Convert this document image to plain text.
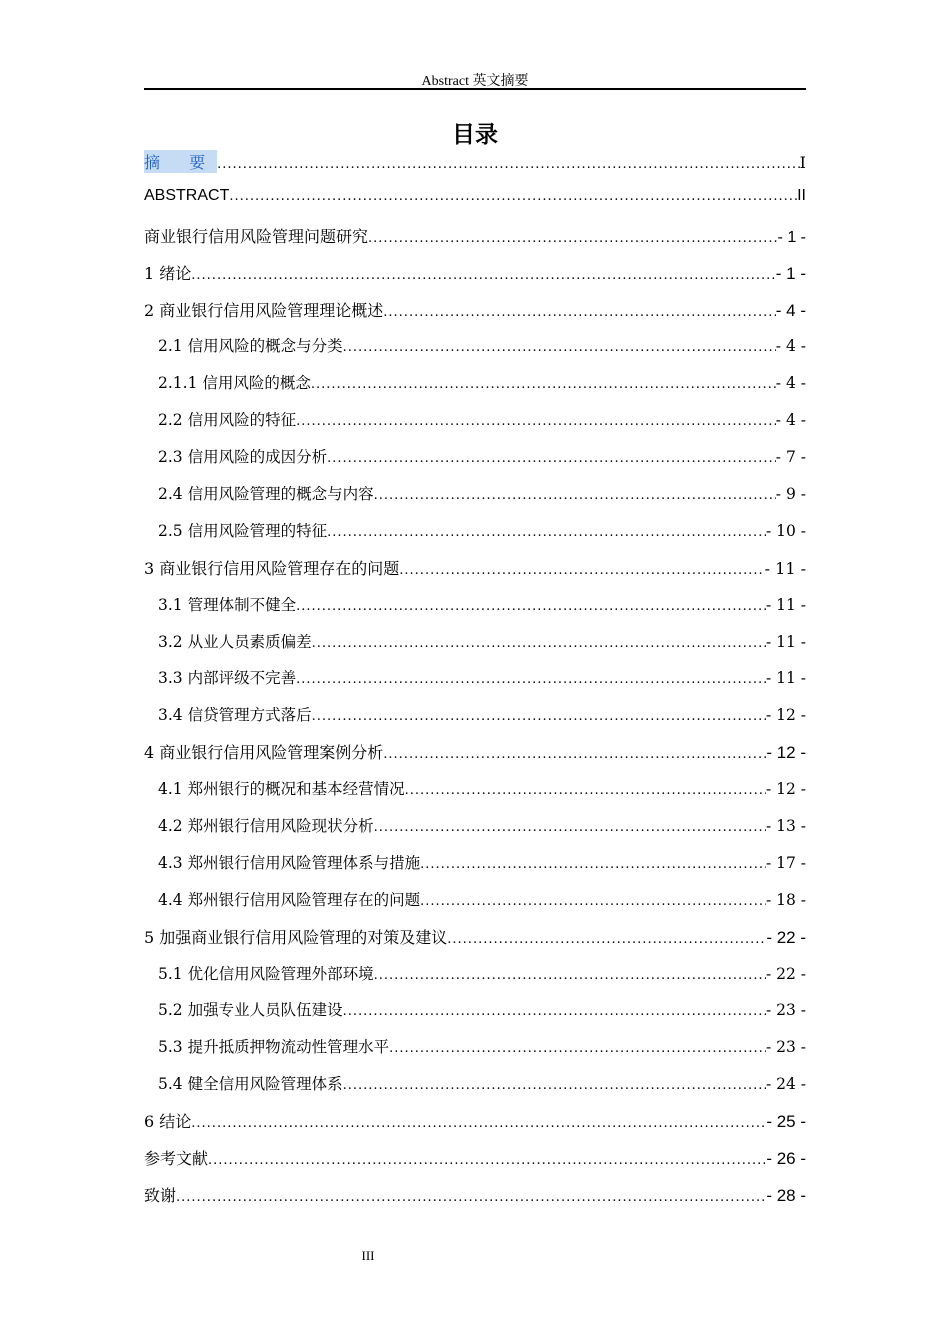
Abstract 英文摘要
目录
摘 要 .....	I
ABSTRACT .....	II
商业银行信用风险管理问题研究 .....	- 1 -
1 绪论 .....	- 1 -
2 商业银行信用风险管理理论概述 .....	- 4 -
2.1 信用风险的概念与分类 .....	- 4 -
2.1.1 信用风险的概念 .....	- 4 -
2.2 信用风险的特征 .....	- 4 -
2.3 信用风险的成因分析 .....	- 7 -
2.4 信用风险管理的概念与内容 .....	- 9 -
2.5 信用风险管理的特征 .....	- 10 -
3 商业银行信用风险管理存在的问题 .....	- 11 -
3.1 管理体制不健全 .....	- 11 -
3.2 从业人员素质偏差 .....	- 11 -
3.3 内部评级不完善 .....	- 11 -
3.4 信贷管理方式落后 .....	- 12 -
4 商业银行信用风险管理案例分析 .....	- 12 -
4.1 郑州银行的概况和基本经营情况 .....	- 12 -
4.2 郑州银行信用风险现状分析 .....	- 13 -
4.3 郑州银行信用风险管理体系与措施 .....	- 17 -
4.4 郑州银行信用风险管理存在的问题 .....	- 18 -
5 加强商业银行信用风险管理的对策及建议 .....	- 22 -
5.1 优化信用风险管理外部环境 .....	- 22 -
5.2 加强专业人员队伍建设 .....	- 23 -
5.3 提升抵质押物流动性管理水平 .....	- 23 -
5.4 健全信用风险管理体系 .....	- 24 -
6 结论 .....	- 25 -
参考文献 .....	- 26 -
致谢 .....	- 28 -
III
